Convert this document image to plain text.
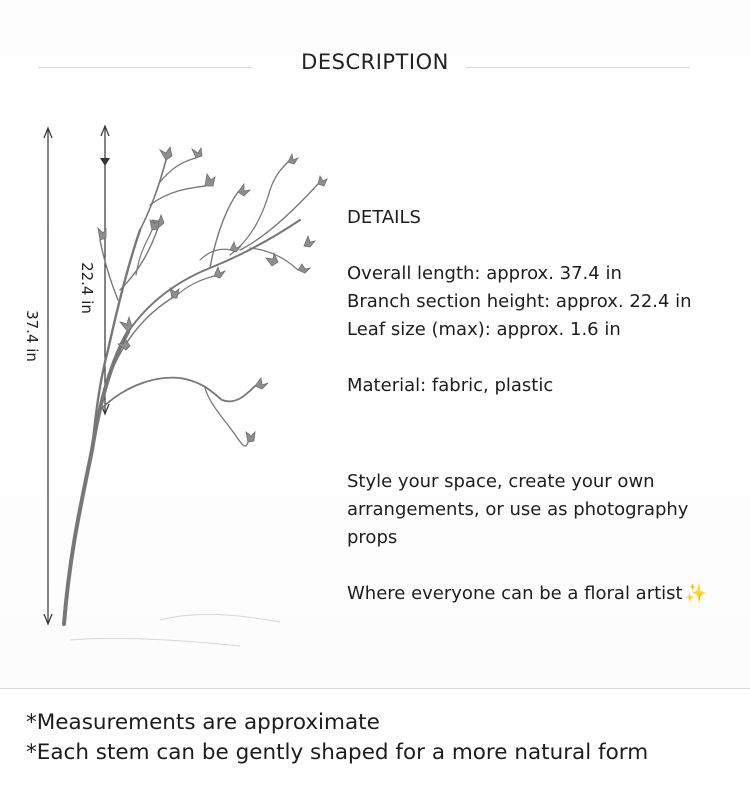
DESCRIPTION
37.4 in
22.4 in

DETAILS

Overall length: approx. 37.4 in

Branch section height: approx. 22.4 in

Leaf size (max): approx. 1.6 in

Material: fabric, plastic

Style your space, create your own arrangements, or use as photography props

Where everyone can be a floral artist ✨

*Measurements are approximate

*Each stem can be gently shaped for a more natural form
